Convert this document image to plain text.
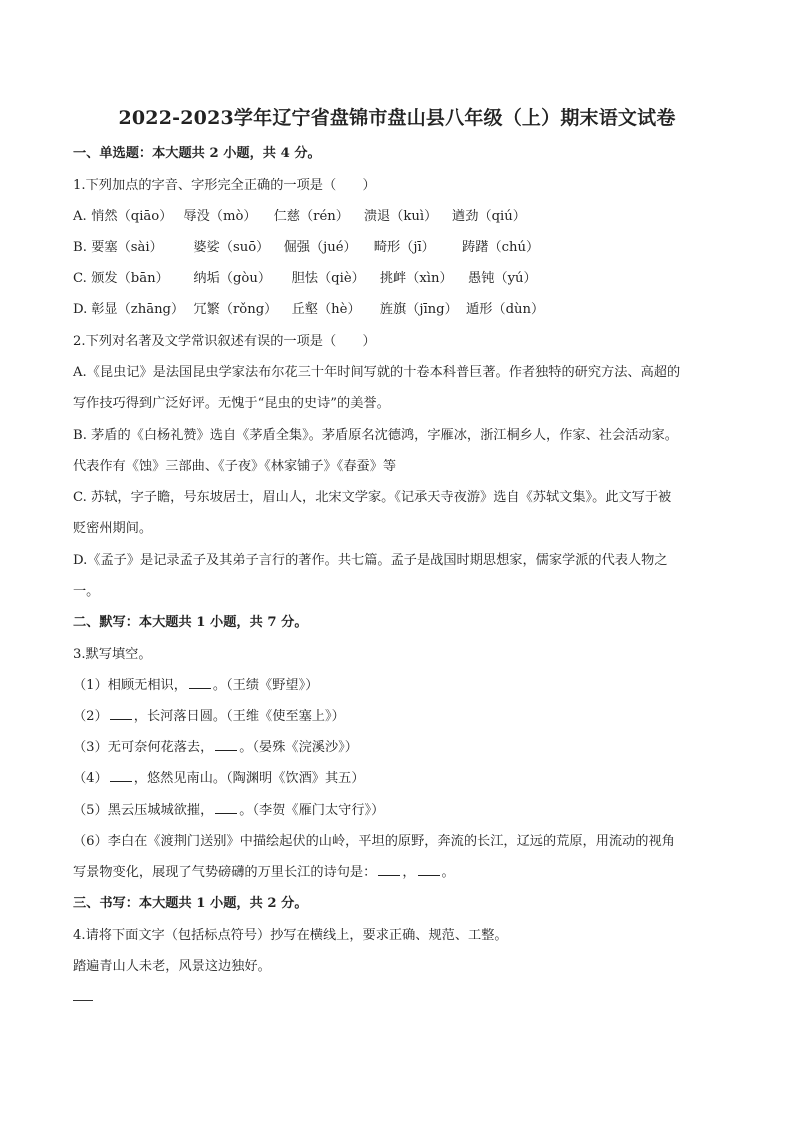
2022-2023学年辽宁省盘锦市盘山县八年级（上）期末语文试卷
一、单选题：本大题共 2 小题，共 4 分。
1.下列加点的字音、字形完全正确的一项是（　　）
A. 悄然（qiāo） 辱没（mò） 仁慈（rén） 溃退（kuì） 遒劲（qiú）
B. 要塞（sài） 婆娑（suō） 倔强（jué） 畸形（jī） 踌躇（chú）
C. 颁发（bān） 纳垢（gòu） 胆怯（qiè） 挑衅（xìn） 愚钝（yú）
D. 彰显（zhāng） 冗繁（rǒng） 丘壑（hè） 旌旗（jīng） 遁形（dùn）
2.下列对名著及文学常识叙述有误的一项是（　　）
A.《昆虫记》是法国昆虫学家法布尔花三十年时间写就的十卷本科普巨著。作者独特的研究方法、高超的
写作技巧得到广泛好评。无愧于“昆虫的史诗”的美誉。
B. 茅盾的《白杨礼赞》选自《茅盾全集》。茅盾原名沈德鸿，字雁冰，浙江桐乡人，作家、社会活动家。
代表作有《蚀》三部曲、《子夜》《林家铺子》《春蚕》等
C. 苏轼，字子瞻，号东坡居士，眉山人，北宋文学家。《记承天寺夜游》选自《苏轼文集》。此文写于被
贬密州期间。
D.《孟子》是记录孟子及其弟子言行的著作。共七篇。孟子是战国时期思想家，儒家学派的代表人物之
一。
二、默写：本大题共 1 小题，共 7 分。
3.默写填空。
（1）相顾无相识， 。（王绩《野望》）
（2） ，长河落日圆。（王维《使至塞上》）
（3）无可奈何花落去， 。（晏殊《浣溪沙》）
（4） ，悠然见南山。（陶渊明《饮酒》其五）
（5）黑云压城城欲摧， 。（李贺《雁门太守行》）
（6）李白在《渡荆门送别》中描绘起伏的山岭，平坦的原野，奔流的长江，辽远的荒原，用流动的视角
写景物变化，展现了气势磅礴的万里长江的诗句是： ， 。
三、书写：本大题共 1 小题，共 2 分。
4.请将下面文字（包括标点符号）抄写在横线上，要求正确、规范、工整。
踏遍青山人未老，风景这边独好。
